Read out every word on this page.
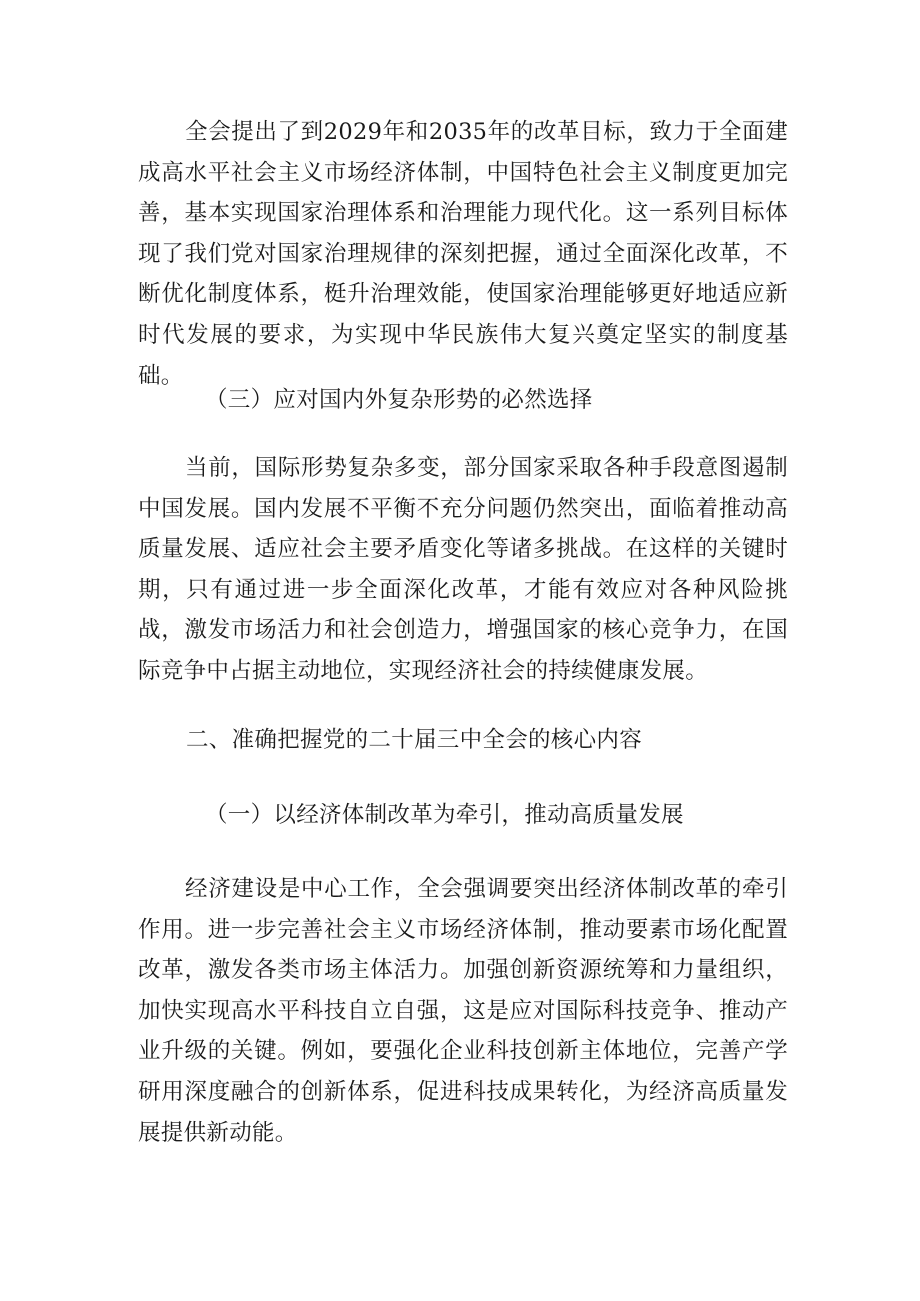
全会提出了到2029年和2035年的改革目标，致力于全面建成高水平社会主义市场经济体制，中国特色社会主义制度更加完善，基本实现国家治理体系和治理能力现代化。这一系列目标体现了我们党对国家治理规律的深刻把握，通过全面深化改革，不断优化制度体系，梃升治理效能，使国家治理能够更好地适应新时代发展的要求，为实现中华民族伟大复兴奠定坚实的制度基础。

（三）应对国内外复杂形势的必然选择

当前，国际形势复杂多变，部分国家采取各种手段意图遏制中国发展。国内发展不平衡不充分问题仍然突出，面临着推动高质量发展、适应社会主要矛盾变化等诸多挑战。在这样的关键时期，只有通过进一步全面深化改革，才能有效应对各种风险挑战，激发市场活力和社会创造力，增强国家的核心竞争力，在国际竞争中占据主动地位，实现经济社会的持续健康发展。

二、准确把握党的二十届三中全会的核心内容

（一）以经济体制改革为牵引，推动高质量发展

经济建设是中心工作，全会强调要突出经济体制改革的牵引作用。进一步完善社会主义市场经济体制，推动要素市场化配置改革，激发各类市场主体活力。加强创新资源统筹和力量组织，加快实现高水平科技自立自强，这是应对国际科技竞争、推动产业升级的关键。例如，要强化企业科技创新主体地位，完善产学研用深度融合的创新体系，促进科技成果转化，为经济高质量发展提供新动能。
